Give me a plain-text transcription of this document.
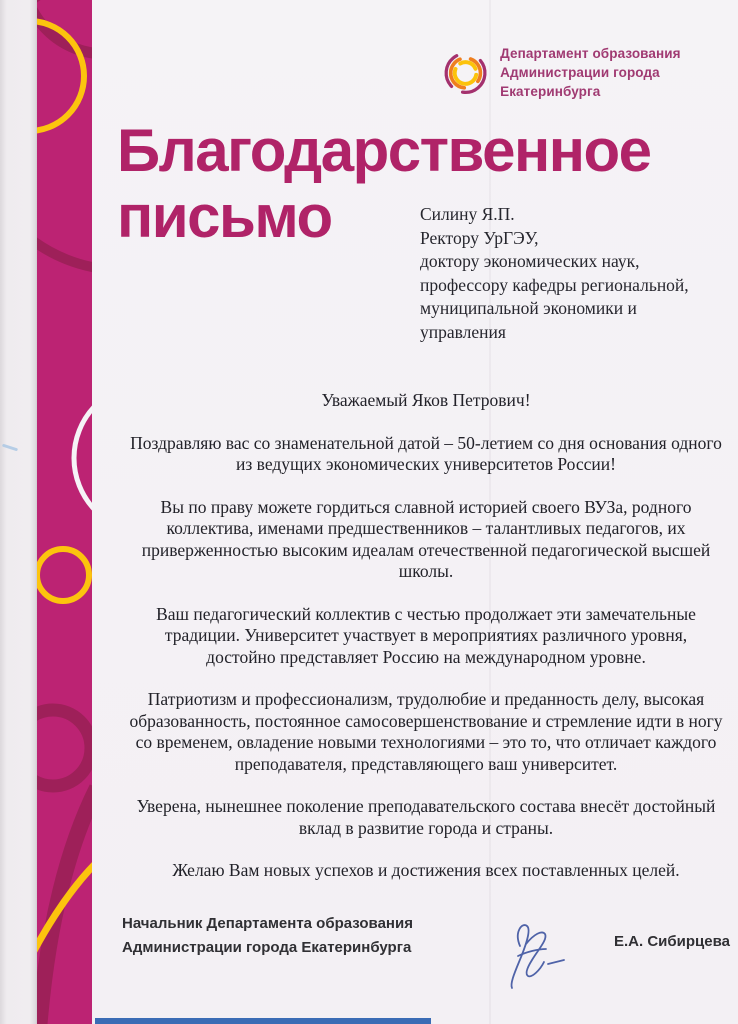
Департамент образования
Администрации города Екатеринбурга
Благодарственное
письмо	Силину Я.П.
Ректору УрГЭУ,
доктору экономических наук,
профессору кафедры региональной,
муниципальной экономики и
управления

Уважаемый Яков Петрович!

Поздравляю вас со знаменательной датой – 50-летием со дня основания одного из ведущих экономических университетов России!

Вы по праву можете гордиться славной историей своего ВУЗа, родного коллектива, именами предшественников – талантливых педагогов, их приверженностью высоким идеалам отечественной педагогической высшей школы.

Ваш педагогический коллектив с честью продолжает эти замечательные традиции. Университет участвует в мероприятиях различного уровня, достойно представляет Россию на международном уровне.

Патриотизм и профессионализм, трудолюбие и преданность делу, высокая образованность, постоянное самосовершенствование и стремление идти в ногу со временем, овладение новыми технологиями – это то, что отличает каждого преподавателя, представляющего ваш университет.

Уверена, нынешнее поколение преподавательского состава внесёт достойный вклад в развитие города и страны.

Желаю Вам новых успехов и достижения всех поставленных целей.

Начальник Департамента образования
Администрации города Екатеринбурга	Е.А. Сибирцева
